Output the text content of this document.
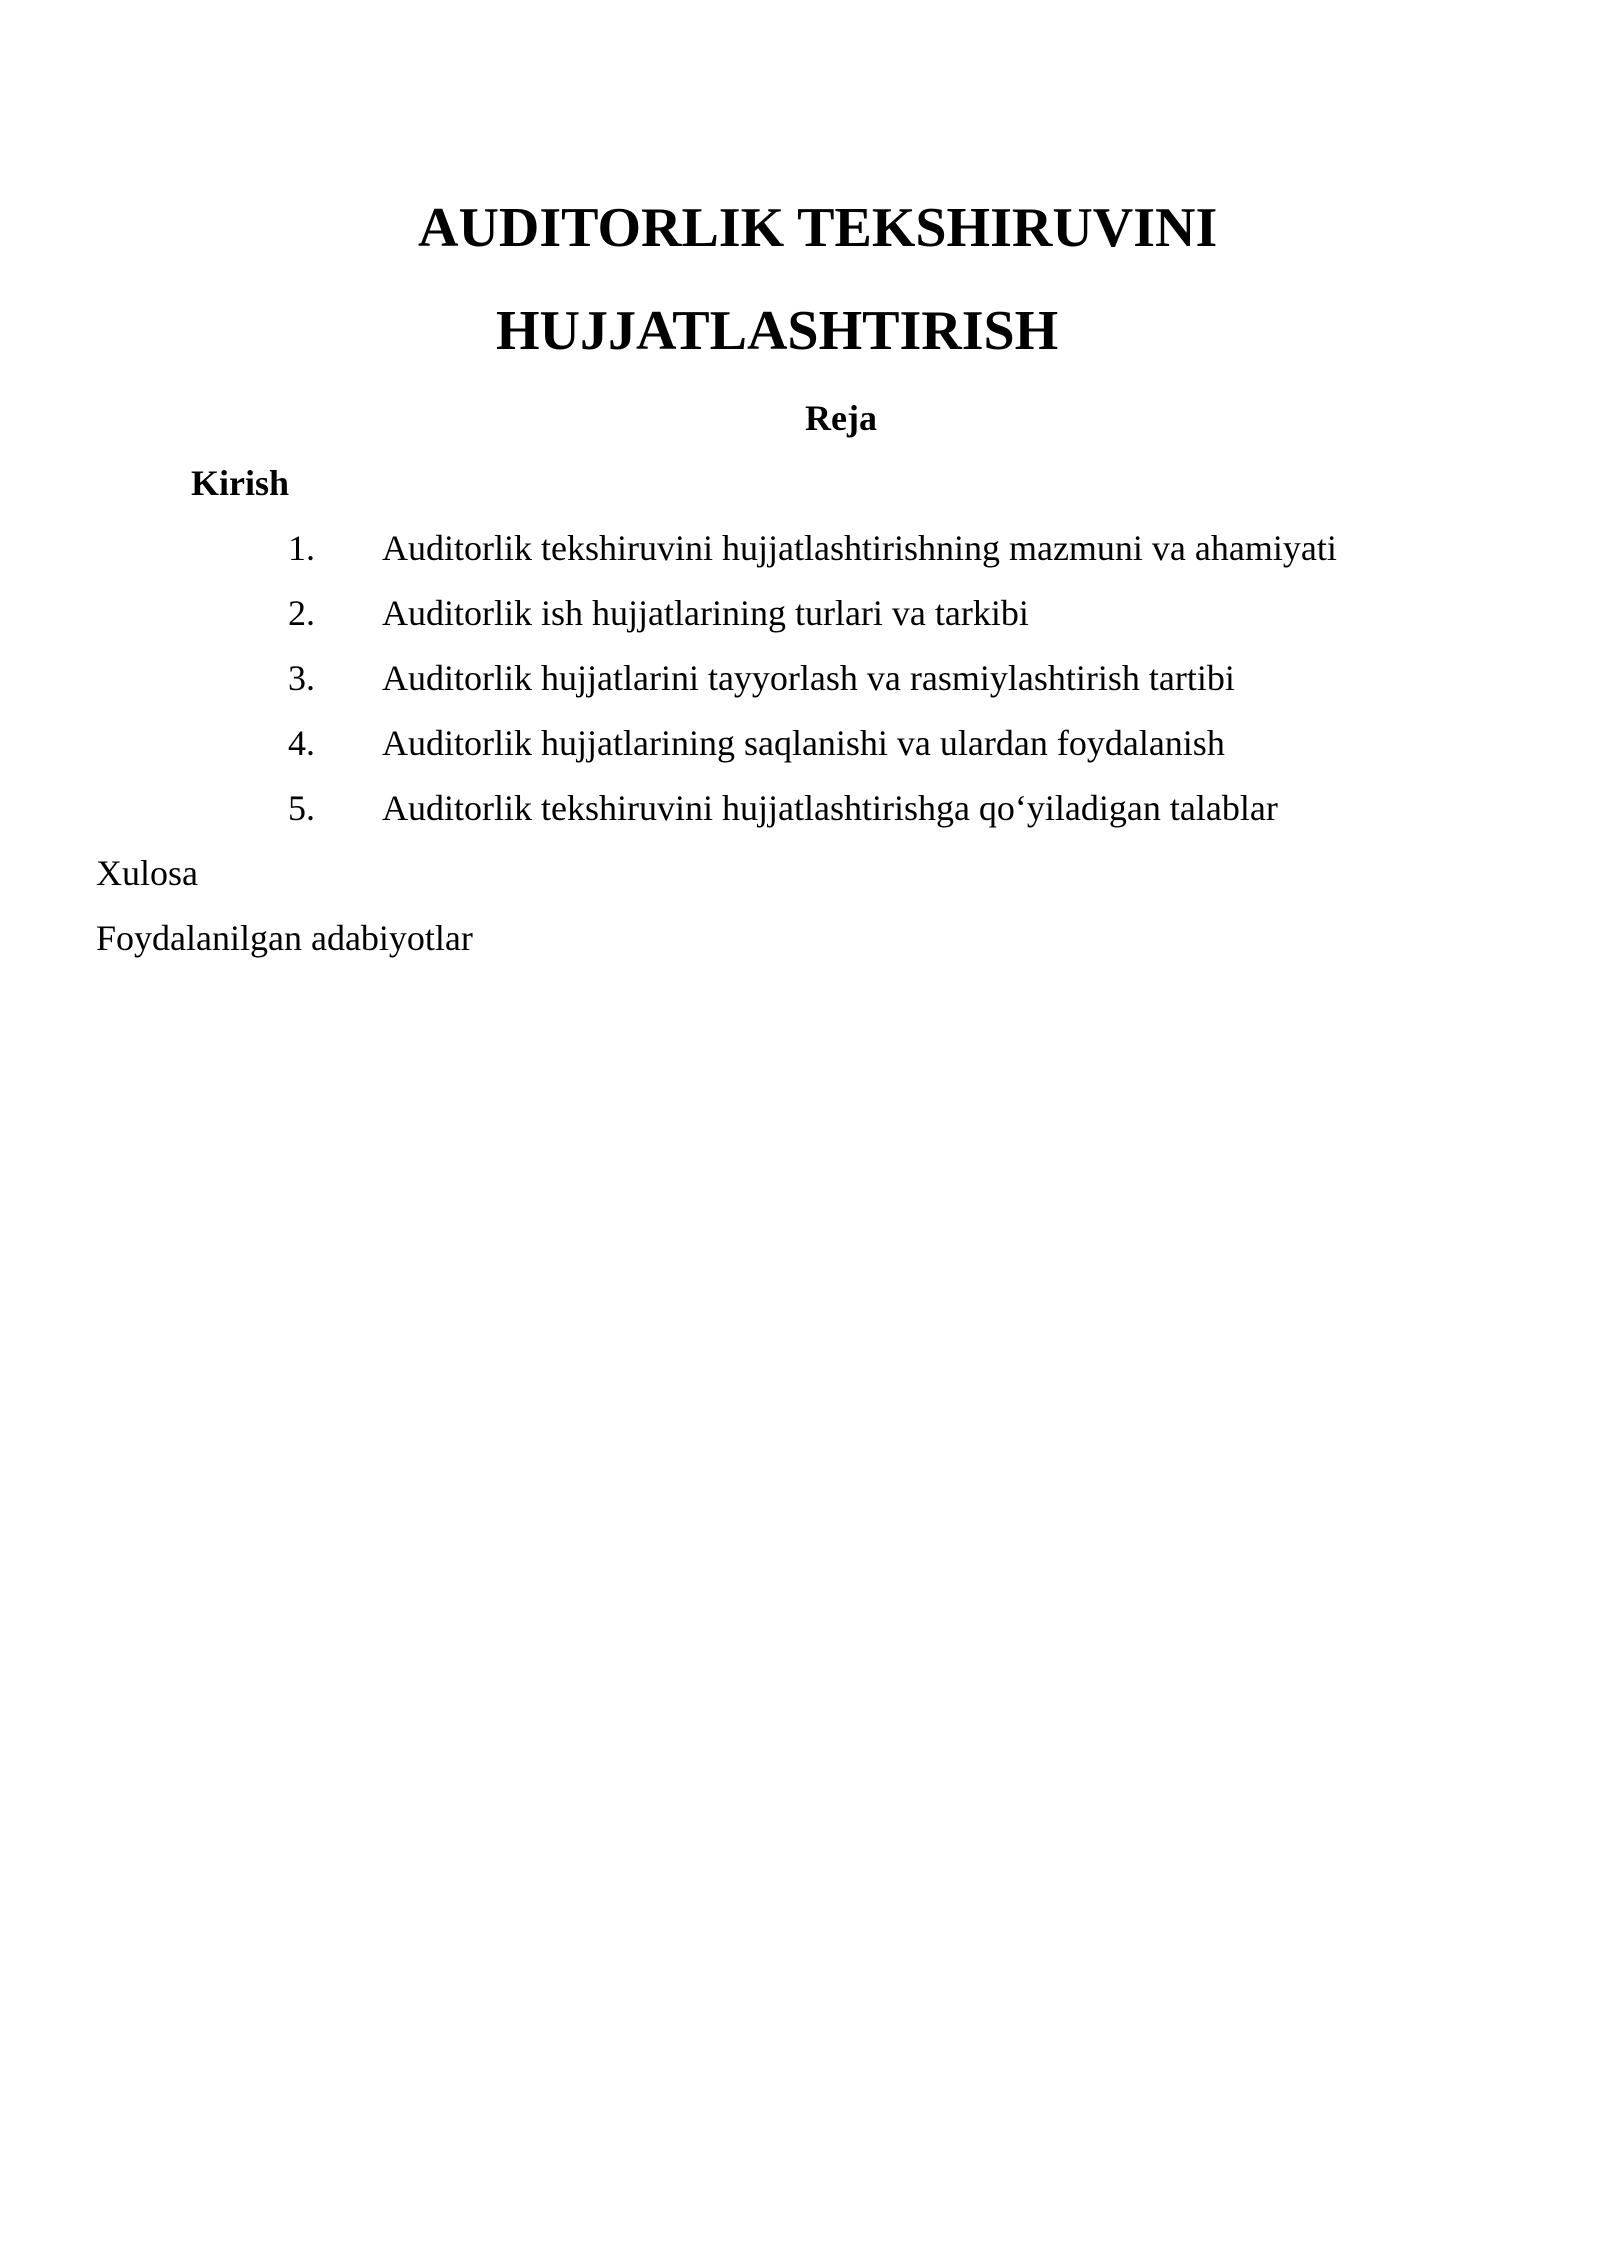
AUDITORLIK TEKSHIRUVINI
HUJJATLASHTIRISH
Reja
Kirish
1. Auditorlik tekshiruvini hujjatlashtirishning mazmuni va ahamiyati
2. Auditorlik ish hujjatlarining turlari va tarkibi
3. Auditorlik hujjatlarini tayyorlash va rasmiylashtirish tartibi
4. Auditorlik hujjatlarining saqlanishi va ulardan foydalanish
5. Auditorlik tekshiruvini hujjatlashtirishga qo‘yiladigan talablar
Xulosa
Foydalanilgan adabiyotlar
